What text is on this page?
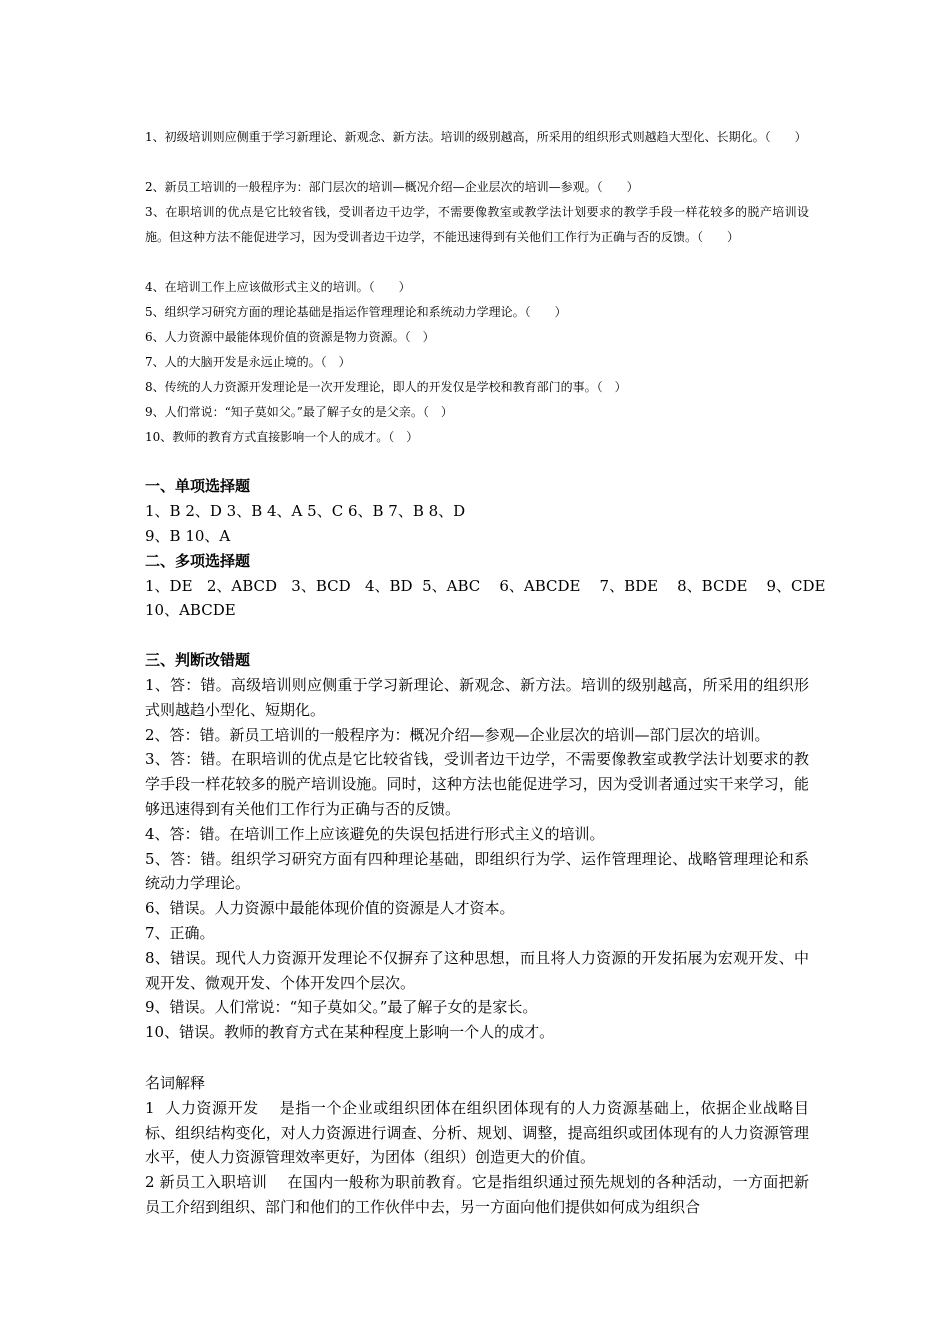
1、初级培训则应侧重于学习新理论、新观念、新方法。培训的级别越高，所采用的组织形式则越趋大型化、长期化。（　　）

2、新员工培训的一般程序为：部门层次的培训—概况介绍—企业层次的培训—参观。（　　）

3、在职培训的优点是它比较省钱，受训者边干边学，不需要像教室或教学法计划要求的教学手段一样花较多的脱产培训设施。但这种方法不能促进学习，因为受训者边干边学，不能迅速得到有关他们工作行为正确与否的反馈。（　　）

4、在培训工作上应该做形式主义的培训。（　　）

5、组织学习研究方面的理论基础是指运作管理理论和系统动力学理论。（　　）

6、人力资源中最能体现价值的资源是物力资源。（　）

7、人的大脑开发是永远止境的。（　）

8、传统的人力资源开发理论是一次开发理论，即人的开发仅是学校和教育部门的事。（　）

9、人们常说：“知子莫如父。”最了解子女的是父亲。（　）

10、教师的教育方式直接影响一个人的成才。（　）

一、单项选择题

1、B 2、D 3、B 4、A 5、C 6、B 7、B 8、D

9、B 10、A

二、多项选择题

1、DE   2、ABCD   3、BCD   4、BD  5、ABC    6、ABCDE    7、BDE    8、BCDE    9、CDE

10、ABCDE

三、判断改错题

1、答：错。高级培训则应侧重于学习新理论、新观念、新方法。培训的级别越高，所采用的组织形式则越趋小型化、短期化。

2、答：错。新员工培训的一般程序为：概况介绍—参观—企业层次的培训—部门层次的培训。

3、答：错。在职培训的优点是它比较省钱，受训者边干边学，不需要像教室或教学法计划要求的教学手段一样花较多的脱产培训设施。同时，这种方法也能促进学习，因为受训者通过实干来学习，能够迅速得到有关他们工作行为正确与否的反馈。

4、答：错。在培训工作上应该避免的失误包括进行形式主义的培训。

5、答：错。组织学习研究方面有四种理论基础，即组织行为学、运作管理理论、战略管理理论和系统动力学理论。

6、错误。人力资源中最能体现价值的资源是人才资本。

7、正确。

8、错误。现代人力资源开发理论不仅摒弃了这种思想，而且将人力资源的开发拓展为宏观开发、中观开发、微观开发、个体开发四个层次。

9、错误。人们常说：“知子莫如父。”最了解子女的是家长。

10、错误。教师的教育方式在某种程度上影响一个人的成才。

名词解释

1  人力资源开发　 是指一个企业或组织团体在组织团体现有的人力资源基础上，依据企业战略目标、组织结构变化，对人力资源进行调查、分析、规划、调整，提高组织或团体现有的人力资源管理水平，使人力资源管理效率更好，为团体（组织）创造更大的价值。

2 新员工入职培训　 在国内一般称为职前教育。它是指组织通过预先规划的各种活动，一方面把新员工介绍到组织、部门和他们的工作伙伴中去，另一方面向他们提供如何成为组织合
